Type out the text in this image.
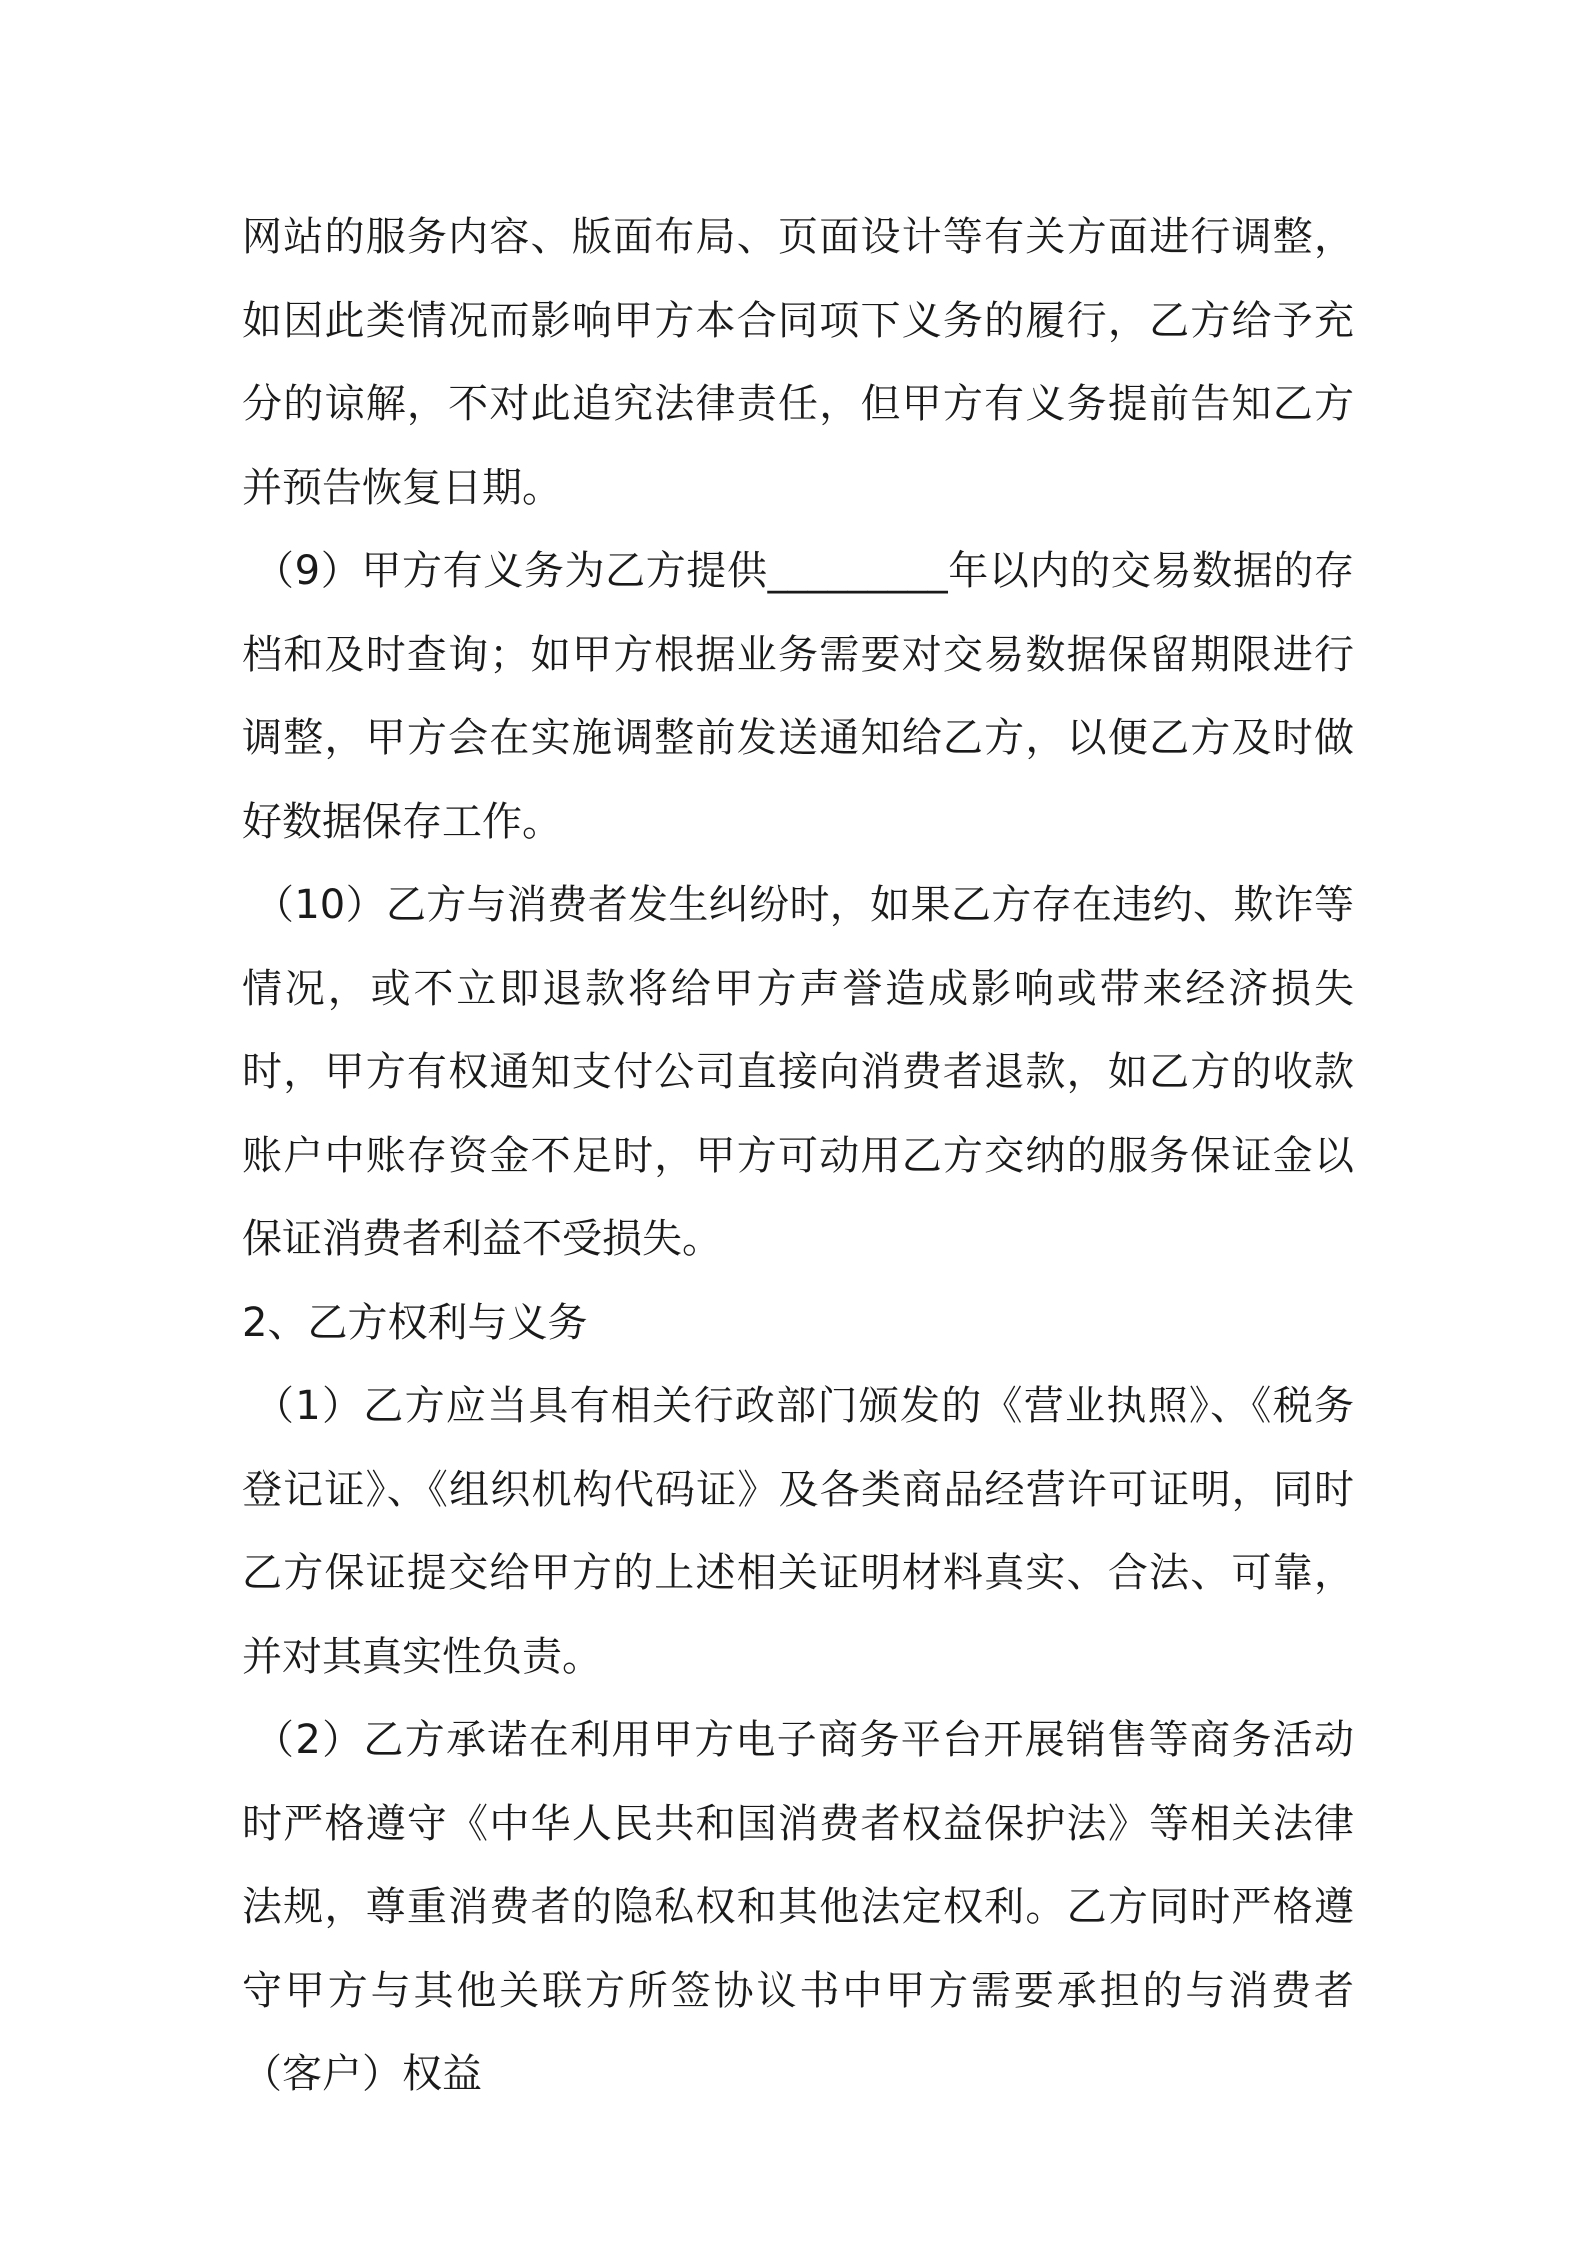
网站的服务内容、版面布局、页面设计等有关方面进行调整，如因此类情况而影响甲方本合同项下义务的履行，乙方给予充分的谅解，不对此追究法律责任，但甲方有义务提前告知乙方并预告恢复日期。

（9）甲方有义务为乙方提供_________年以内的交易数据的存档和及时查询；如甲方根据业务需要对交易数据保留期限进行调整，甲方会在实施调整前发送通知给乙方，以便乙方及时做好数据保存工作。

（10）乙方与消费者发生纠纷时，如果乙方存在违约、欺诈等情况，或不立即退款将给甲方声誉造成影响或带来经济损失时，甲方有权通知支付公司直接向消费者退款，如乙方的收款账户中账存资金不足时，甲方可动用乙方交纳的服务保证金以保证消费者利益不受损失。

2、乙方权利与义务

（1）乙方应当具有相关行政部门颁发的《营业执照》、《税务登记证》、《组织机构代码证》及各类商品经营许可证明，同时乙方保证提交给甲方的上述相关证明材料真实、合法、可靠，并对其真实性负责。

（2）乙方承诺在利用甲方电子商务平台开展销售等商务活动时严格遵守《中华人民共和国消费者权益保护法》等相关法律法规，尊重消费者的隐私权和其他法定权利。乙方同时严格遵守甲方与其他关联方所签协议书中甲方需要承担的与消费者（客户）权益
